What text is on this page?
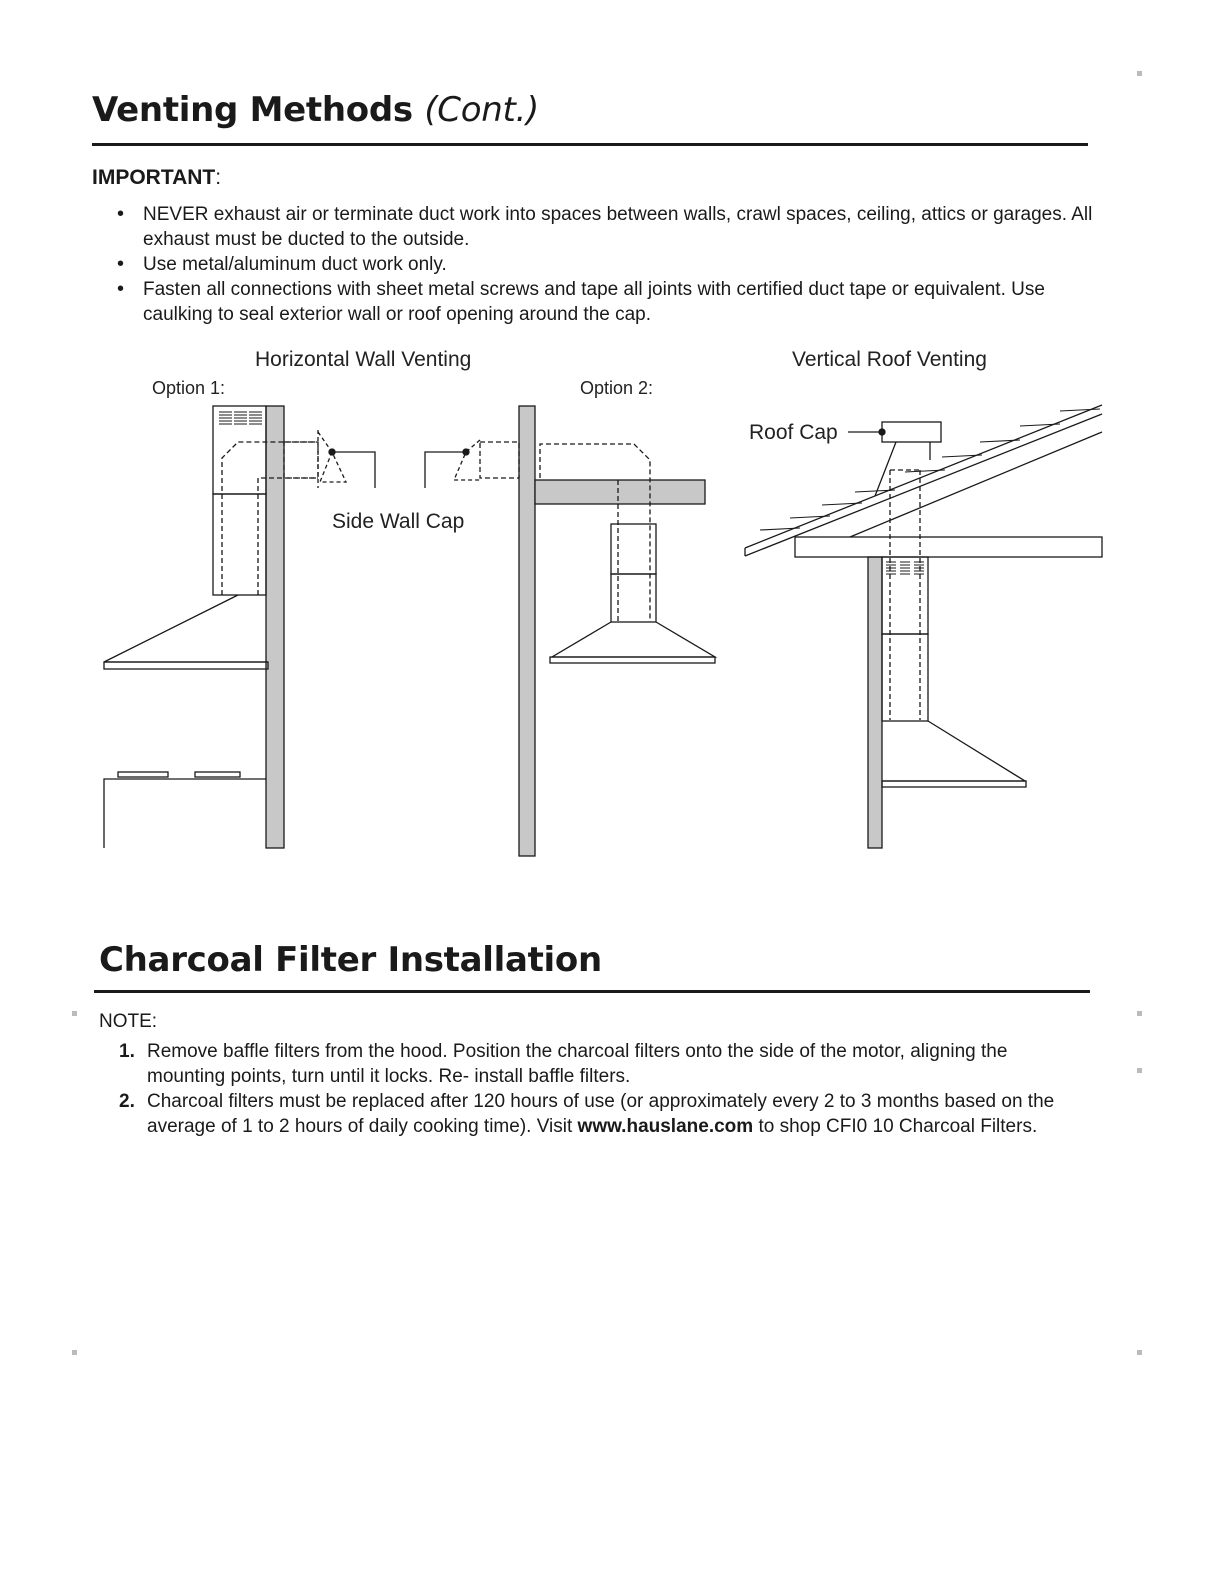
Venting Methods (Cont.)
IMPORTANT:
• NEVER exhaust air or terminate duct work into spaces between walls, crawl spaces, ceiling, attics or garages. All exhaust must be ducted to the outside.
• Use metal/aluminum duct work only.
• Fasten all connections with sheet metal screws and tape all joints with certified duct tape or equivalent. Use caulking to seal exterior wall or roof opening around the cap.
Horizontal Wall Venting	Vertical Roof Venting
Option 1:	Option 2:
Side Wall Cap
Roof Cap
Charcoal Filter Installation
NOTE:
1. Remove baffle filters from the hood. Position the charcoal filters onto the side of the motor, aligning the mounting points, turn until it locks. Re- install baffle filters.
2. Charcoal filters must be replaced after 120 hours of use (or approximately every 2 to 3 months based on the average of 1 to 2 hours of daily cooking time). Visit www.hauslane.com to shop CFI0 10 Charcoal Filters.
